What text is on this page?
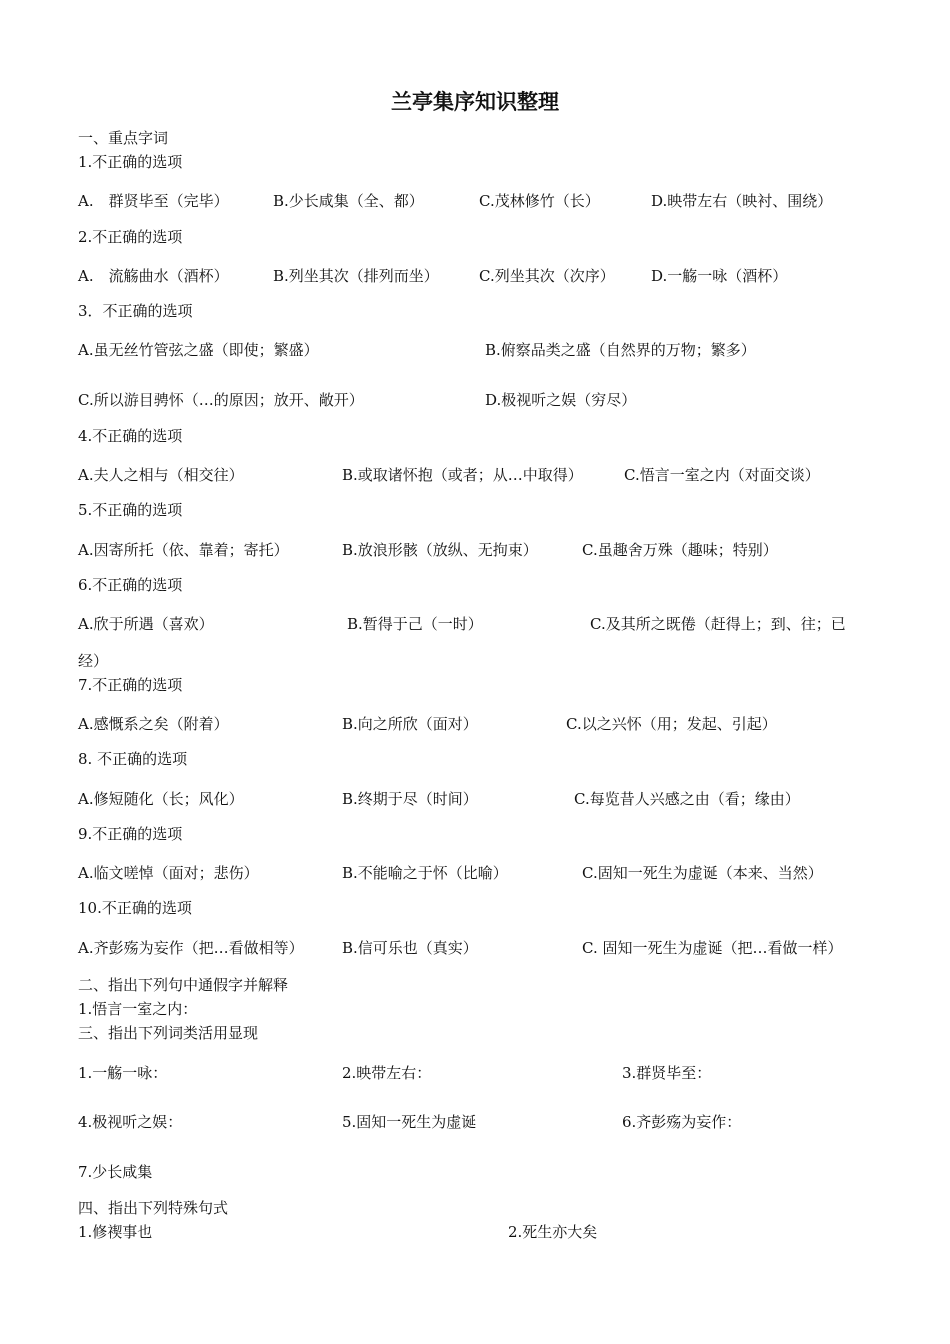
兰亭集序知识整理
一、重点字词
1.不正确的选项
A.　群贤毕至（完毕）	B.少长咸集（全、都）	C.茂林修竹（长）	D.映带左右（映衬、围绕）
2.不正确的选项
A.　流觞曲水（酒杯）	B.列坐其次（排列而坐）	C.列坐其次（次序） D.一觞一咏（酒杯）
3．不正确的选项
A.虽无丝竹管弦之盛（即使；繁盛）	B.俯察品类之盛（自然界的万物；繁多）
C.所以游目骋怀（…的原因；放开、敞开）	D.极视听之娱（穷尽）
4.不正确的选项
A.夫人之相与（相交往）	B.或取诸怀抱（或者；从…中取得）	C.悟言一室之内（对面交谈）
5.不正确的选项
A.因寄所托（依、靠着；寄托）	B.放浪形骸（放纵、无拘束）	C.虽趣舍万殊（趣味；特别）
6.不正确的选项
A.欣于所遇（喜欢）	B.暂得于己（一时）	C.及其所之既倦（赶得上；到、往；已
经）
7.不正确的选项
A.感慨系之矣（附着）	B.向之所欣（面对）	C.以之兴怀（用；发起、引起）
8. 不正确的选项
A.修短随化（长；风化）	B.终期于尽（时间）	C.每览昔人兴感之由（看；缘由）
9.不正确的选项
A.临文嗟悼（面对；悲伤）	B.不能喻之于怀（比喻）	C.固知一死生为虚诞（本来、当然）
10.不正确的选项
A.齐彭殇为妄作（把…看做相等）	B.信可乐也（真实）	C. 固知一死生为虚诞（把…看做一样）
二、指出下列句中通假字并解释
1.悟言一室之内：
三、指出下列词类活用显现
1.一觞一咏：	2.映带左右：	3.群贤毕至：
4.极视听之娱：	5.固知一死生为虚诞	6.齐彭殇为妄作：
7.少长咸集
四、指出下列特殊句式
1.修禊事也	2.死生亦大矣
